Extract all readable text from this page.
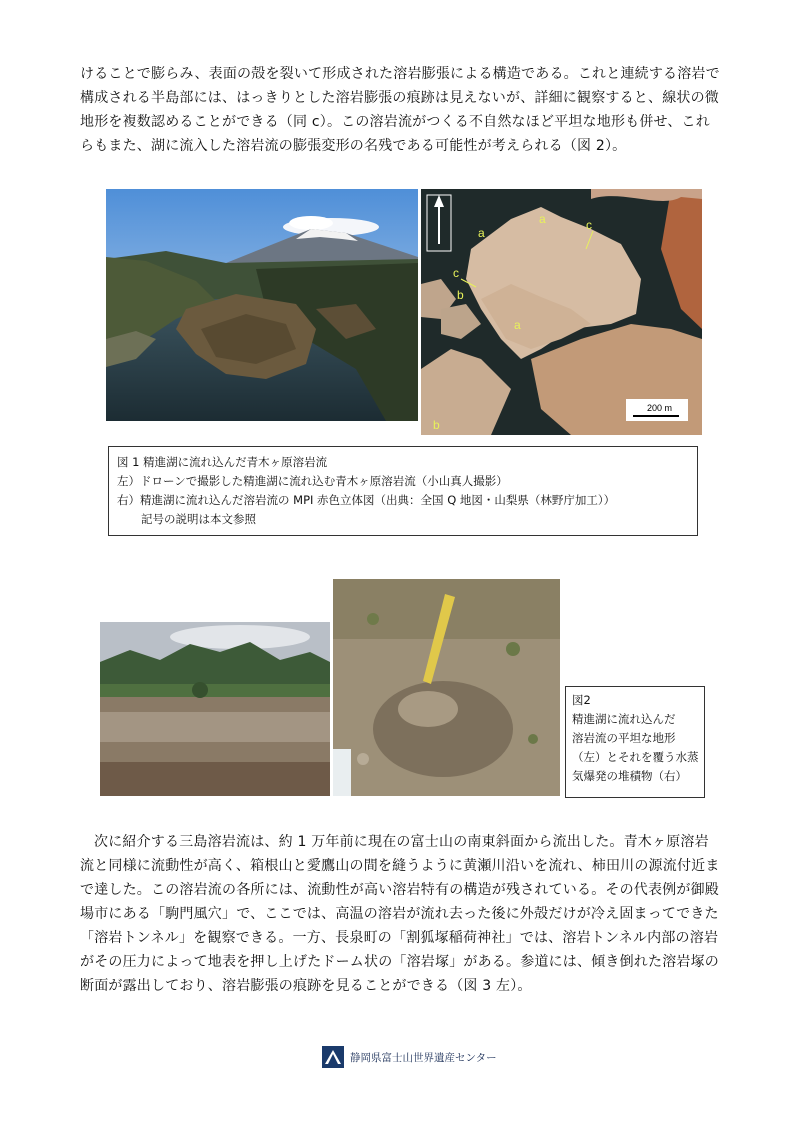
けることで膨らみ、表面の殻を裂いて形成された溶岩膨張による構造である。これと連続する溶岩で構成される半島部には、はっきりとした溶岩膨張の痕跡は見えないが、詳細に観察すると、線状の微地形を複数認めることができる（同 c）。この溶岩流がつくる不自然なほど平坦な地形も併せ、これらもまた、湖に流入した溶岩流の膨張変形の名残である可能性が考えられる（図 2）。

200 m
a
a
a
c
c
b
b
図 1 精進湖に流れ込んだ青木ヶ原溶岩流
左）ドローンで撮影した精進湖に流れ込む青木ヶ原溶岩流（小山真人撮影）
右）精進湖に流れ込んだ溶岩流の MPI 赤色立体図（出典：全国 Q 地図・山梨県（林野庁加工））
記号の説明は本文参照
図2
精進湖に流れ込んだ
溶岩流の平坦な地形
（左）とそれを覆う水蒸
気爆発の堆積物（右）

次に紹介する三島溶岩流は、約 1 万年前に現在の富士山の南東斜面から流出した。青木ヶ原溶岩流と同様に流動性が高く、箱根山と愛鷹山の間を縫うように黄瀬川沿いを流れ、柿田川の源流付近まで達した。この溶岩流の各所には、流動性が高い溶岩特有の構造が残されている。その代表例が御殿場市にある「駒門風穴」で、ここでは、高温の溶岩が流れ去った後に外殻だけが冷え固まってできた「溶岩トンネル」を観察できる。一方、長泉町の「割狐塚稲荷神社」では、溶岩トンネル内部の溶岩がその圧力によって地表を押し上げたドーム状の「溶岩塚」がある。参道には、傾き倒れた溶岩塚の断面が露出しており、溶岩膨張の痕跡を見ることができる（図 3 左）。

静岡県富士山世界遺産センター
